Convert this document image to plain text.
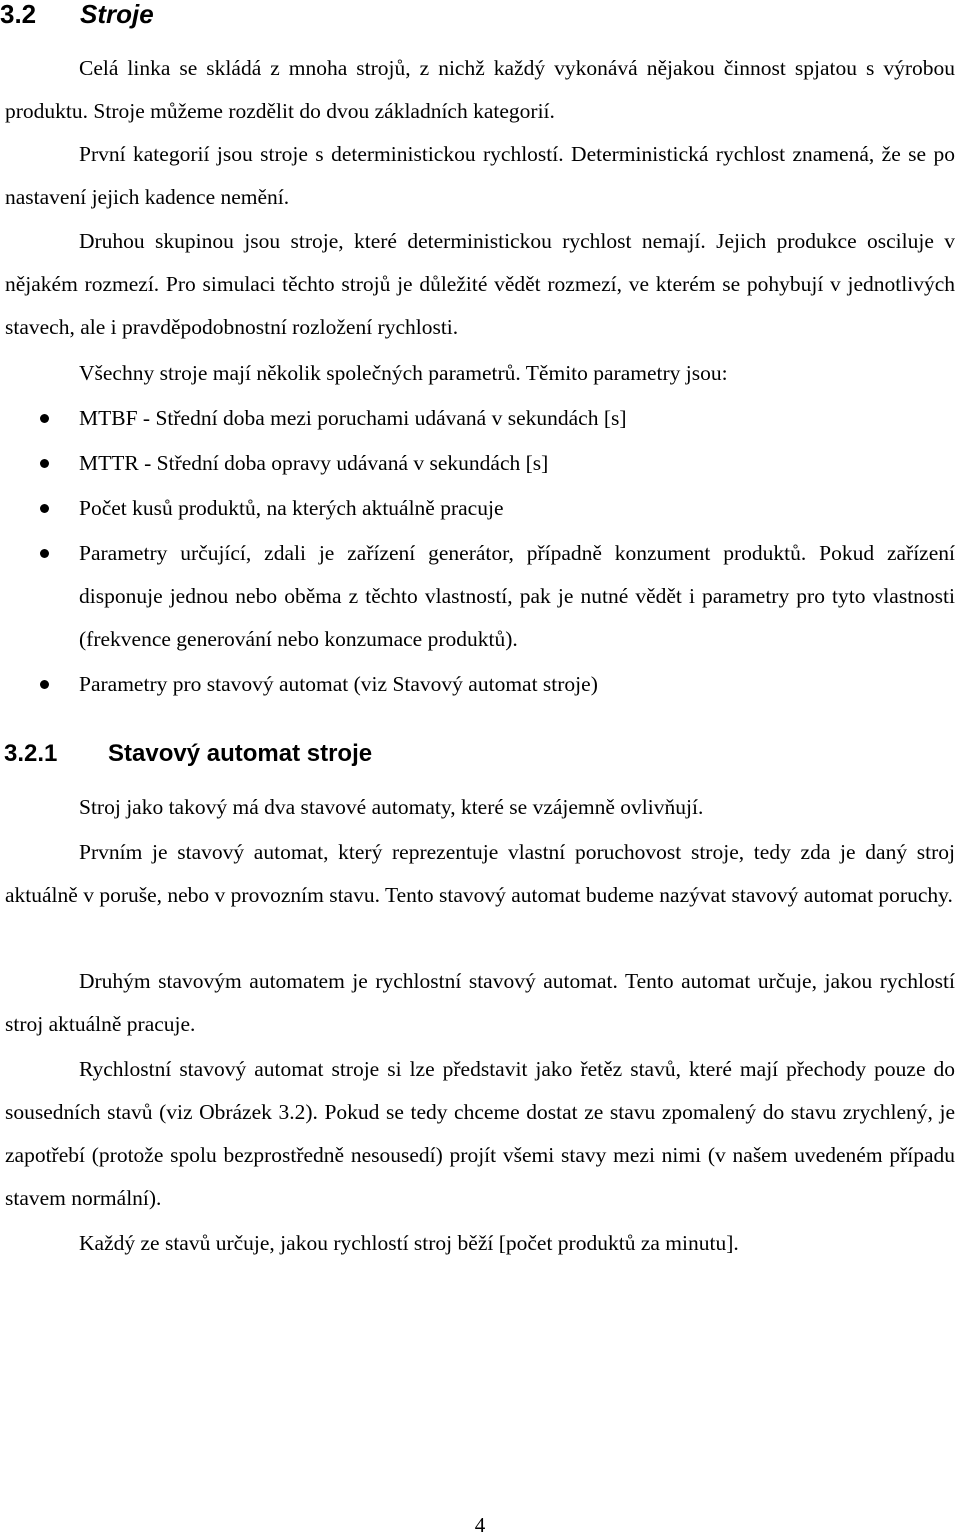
3.2 Stroje

Celá linka se skládá z mnoha strojů, z nichž každý vykonává nějakou činnost spjatou s výrobou produktu. Stroje můžeme rozdělit do dvou základních kategorií.

První kategorií jsou stroje s deterministickou rychlostí. Deterministická rychlost znamená, že se po nastavení jejich kadence nemění.

Druhou skupinou jsou stroje, které deterministickou rychlost nemají. Jejich produkce osciluje v nějakém rozmezí. Pro simulaci těchto strojů je důležité vědět rozmezí, ve kterém se pohybují v jednotlivých stavech, ale i pravděpodobnostní rozložení rychlosti.

Všechny stroje mají několik společných parametrů. Těmito parametry jsou:

MTBF - Střední doba mezi poruchami udávaná v sekundách [s]
MTTR - Střední doba opravy udávaná v sekundách [s]
Počet kusů produktů, na kterých aktuálně pracuje
Parametry určující, zdali je zařízení generátor, případně konzument produktů. Pokud zařízení disponuje jednou nebo oběma z těchto vlastností, pak je nutné vědět i parametry pro tyto vlastnosti (frekvence generování nebo konzumace produktů).
Parametry pro stavový automat (viz Stavový automat stroje)
3.2.1 Stavový automat stroje

Stroj jako takový má dva stavové automaty, které se vzájemně ovlivňují.

Prvním je stavový automat, který reprezentuje vlastní poruchovost stroje, tedy zda je daný stroj aktuálně v poruše, nebo v provozním stavu. Tento stavový automat budeme nazývat stavový automat poruchy.

Druhým stavovým automatem je rychlostní stavový automat. Tento automat určuje, jakou rychlostí stroj aktuálně pracuje.

Rychlostní stavový automat stroje si lze představit jako řetěz stavů, které mají přechody pouze do sousedních stavů (viz Obrázek 3.2). Pokud se tedy chceme dostat ze stavu zpomalený do stavu zrychlený, je zapotřebí (protože spolu bezprostředně nesousedí) projít všemi stavy mezi nimi (v našem uvedeném případu stavem normální).

Každý ze stavů určuje, jakou rychlostí stroj běží [počet produktů za minutu].

4
